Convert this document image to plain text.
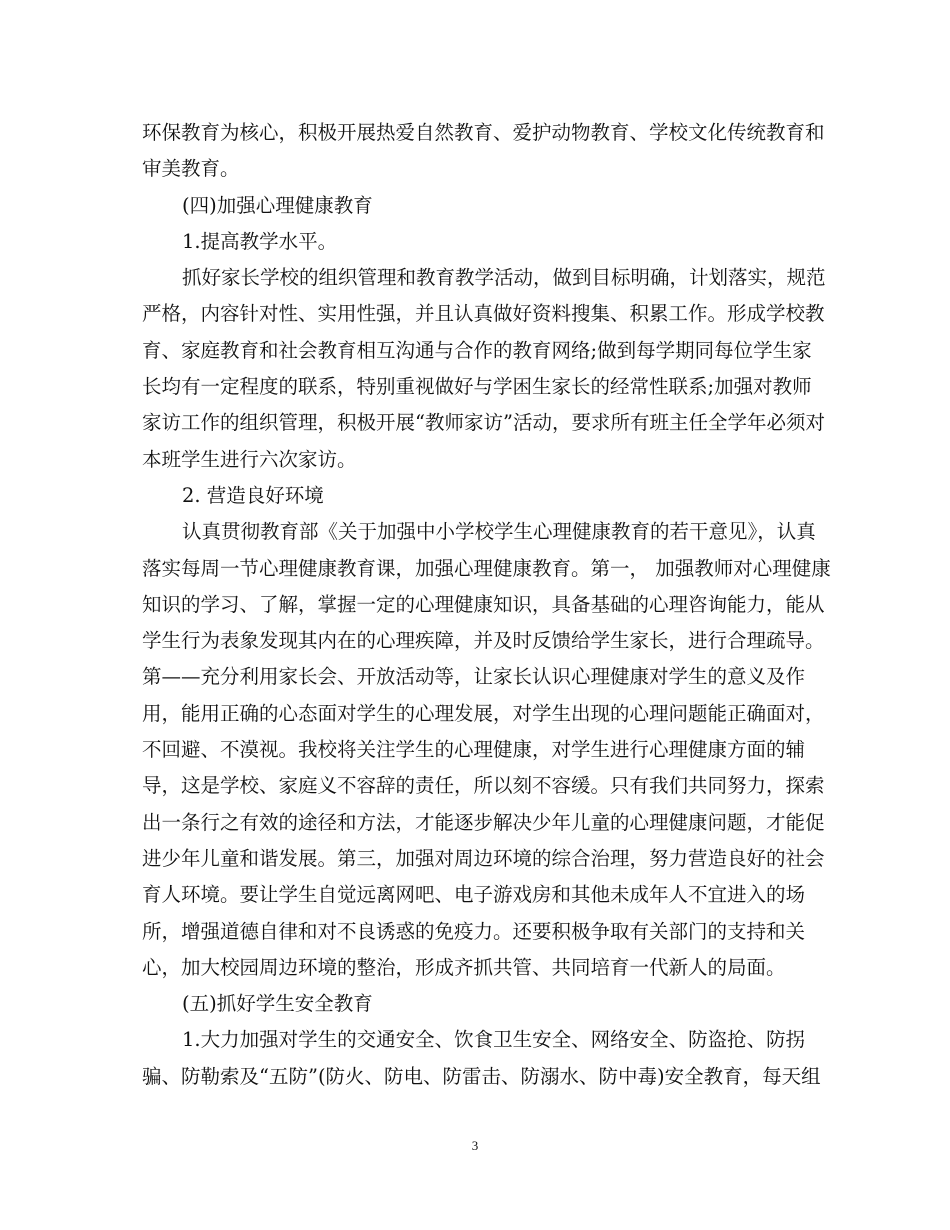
环保教育为核心，积极开展热爱自然教育、爱护动物教育、学校文化传统教育和
审美教育。
(四)加强心理健康教育
1.提高教学水平。
抓好家长学校的组织管理和教育教学活动，做到目标明确，计划落实，规范
严格，内容针对性、实用性强，并且认真做好资料搜集、积累工作。形成学校教
育、家庭教育和社会教育相互沟通与合作的教育网络;做到每学期同每位学生家
长均有一定程度的联系，特别重视做好与学困生家长的经常性联系;加强对教师
家访工作的组织管理，积极开展“教师家访”活动，要求所有班主任全学年必须对
本班学生进行六次家访。
2. 营造良好环境
认真贯彻教育部《关于加强中小学校学生心理健康教育的若干意见》，认真
落实每周一节心理健康教育课，加强心理健康教育。第一， 加强教师对心理健康
知识的学习、了解，掌握一定的心理健康知识，具备基础的心理咨询能力，能从
学生行为表象发现其内在的心理疾障，并及时反馈给学生家长，进行合理疏导。
第——充分利用家长会、开放活动等，让家长认识心理健康对学生的意义及作
用，能用正确的心态面对学生的心理发展，对学生出现的心理问题能正确面对，
不回避、不漠视。我校将关注学生的心理健康，对学生进行心理健康方面的辅
导，这是学校、家庭义不容辞的责任，所以刻不容缓。只有我们共同努力，探索
出一条行之有效的途径和方法，才能逐步解决少年儿童的心理健康问题，才能促
进少年儿童和谐发展。第三，加强对周边环境的综合治理，努力营造良好的社会
育人环境。要让学生自觉远离网吧、电子游戏房和其他未成年人不宜进入的场
所，增强道德自律和对不良诱惑的免疫力。还要积极争取有关部门的支持和关
心，加大校园周边环境的整治，形成齐抓共管、共同培育一代新人的局面。
(五)抓好学生安全教育
1.大力加强对学生的交通安全、饮食卫生安全、网络安全、防盗抢、防拐
骗、防勒索及“五防”(防火、防电、防雷击、防溺水、防中毒)安全教育，每天组
3
